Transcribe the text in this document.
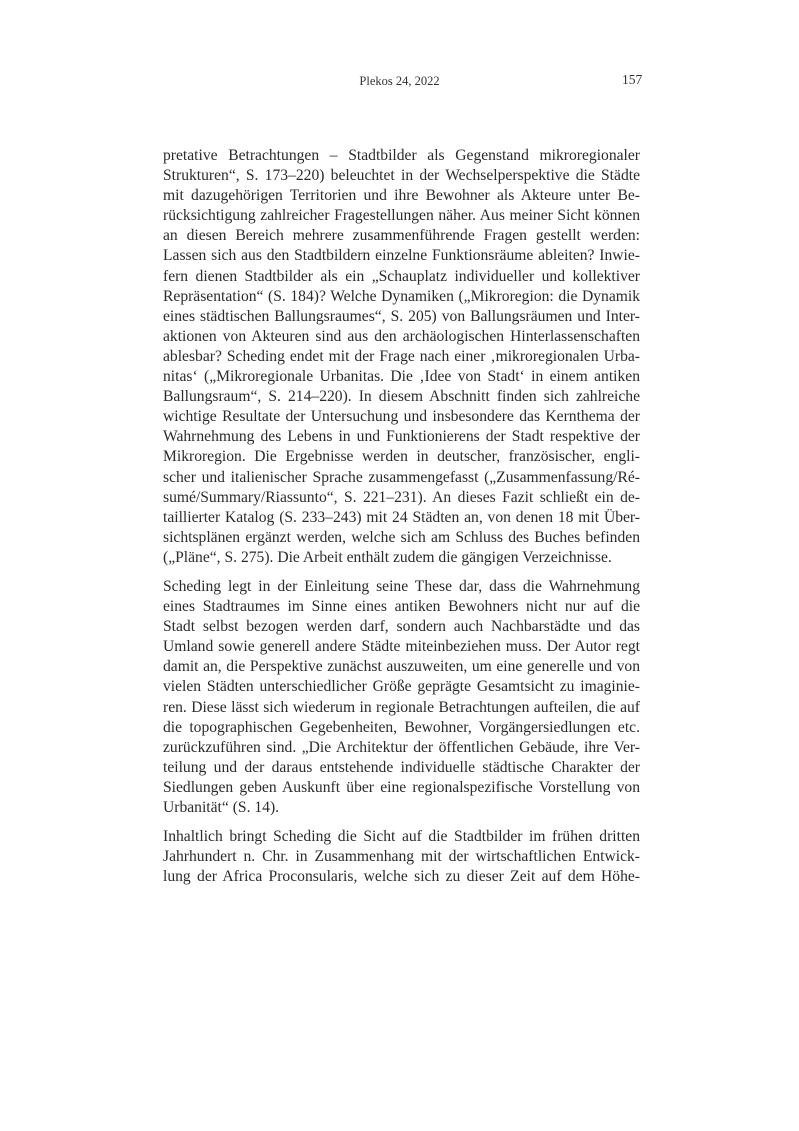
Plekos 24, 2022	157

pretative Betrachtungen – Stadtbilder als Gegenstand mikroregionaler
Strukturen“, S. 173–220) beleuchtet in der Wechselperspektive die Städte
mit dazugehörigen Territorien und ihre Bewohner als Akteure unter Be-
rücksichtigung zahlreicher Fragestellungen näher. Aus meiner Sicht können
an diesen Bereich mehrere zusammenführende Fragen gestellt werden:
Lassen sich aus den Stadtbildern einzelne Funktionsräume ableiten? Inwie-
fern dienen Stadtbilder als ein „Schauplatz individueller und kollektiver
Repräsentation“ (S. 184)? Welche Dynamiken („Mikroregion: die Dynamik
eines städtischen Ballungsraumes“, S. 205) von Ballungsräumen und Inter-
aktionen von Akteuren sind aus den archäologischen Hinterlassenschaften
ablesbar? Scheding endet mit der Frage nach einer ‚mikroregionalen Urba-
nitas‘ („Mikroregionale Urbanitas. Die ‚Idee von Stadt‘ in einem antiken
Ballungsraum“, S. 214–220). In diesem Abschnitt finden sich zahlreiche
wichtige Resultate der Untersuchung und insbesondere das Kernthema der
Wahrnehmung des Lebens in und Funktionierens der Stadt respektive der
Mikroregion. Die Ergebnisse werden in deutscher, französischer, engli-
scher und italienischer Sprache zusammengefasst („Zusammenfassung/Ré-
sumé/Summary/Riassunto“, S. 221–231). An dieses Fazit schließt ein de-
taillierter Katalog (S. 233–243) mit 24 Städten an, von denen 18 mit Über-
sichtsplänen ergänzt werden, welche sich am Schluss des Buches befinden
(„Pläne“, S. 275). Die Arbeit enthält zudem die gängigen Verzeichnisse.

Scheding legt in der Einleitung seine These dar, dass die Wahrnehmung
eines Stadtraumes im Sinne eines antiken Bewohners nicht nur auf die
Stadt selbst bezogen werden darf, sondern auch Nachbarstädte und das
Umland sowie generell andere Städte miteinbeziehen muss. Der Autor regt
damit an, die Perspektive zunächst auszuweiten, um eine generelle und von
vielen Städten unterschiedlicher Größe geprägte Gesamtsicht zu imaginie-
ren. Diese lässt sich wiederum in regionale Betrachtungen aufteilen, die auf
die topographischen Gegebenheiten, Bewohner, Vorgängersiedlungen etc.
zurückzuführen sind. „Die Architektur der öffentlichen Gebäude, ihre Ver-
teilung und der daraus entstehende individuelle städtische Charakter der
Siedlungen geben Auskunft über eine regionalspezifische Vorstellung von
Urbanität“ (S. 14).

Inhaltlich bringt Scheding die Sicht auf die Stadtbilder im frühen dritten
Jahrhundert n. Chr. in Zusammenhang mit der wirtschaftlichen Entwick-
lung der Africa Proconsularis, welche sich zu dieser Zeit auf dem Höhe-
